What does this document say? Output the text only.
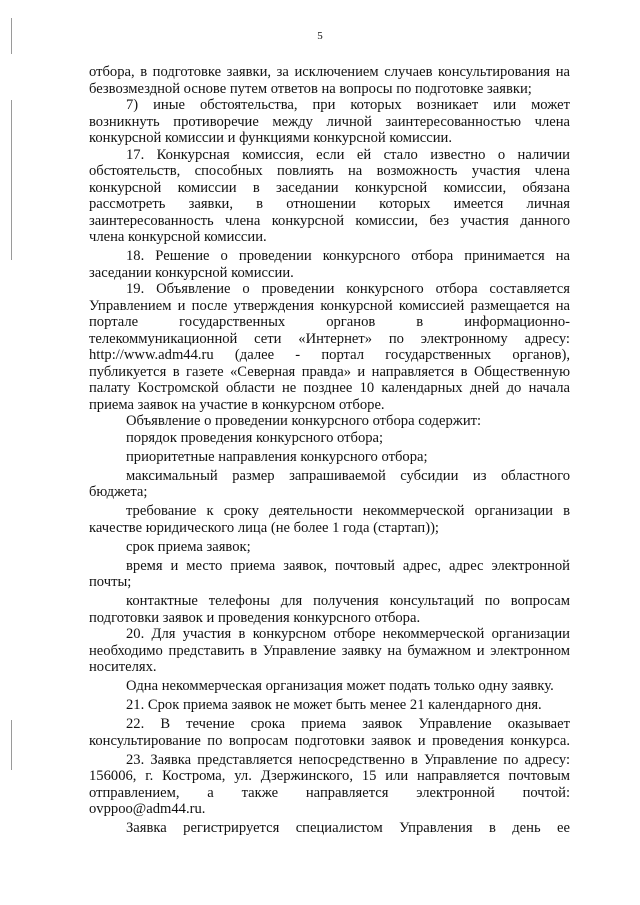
5
отбора, в подготовке заявки, за исключением случаев консультирования на
безвозмездной основе путем ответов на вопросы по подготовке заявки;
7) иные обстоятельства, при которых возникает или может
возникнуть противоречие между личной заинтересованностью члена
конкурсной комиссии и функциями конкурсной комиссии.
17. Конкурсная комиссия, если ей стало известно о наличии
обстоятельств, способных повлиять на возможность участия члена
конкурсной комиссии в заседании конкурсной комиссии, обязана
рассмотреть заявки, в отношении которых имеется личная
заинтересованность члена конкурсной комиссии, без участия данного
члена конкурсной комиссии.
18. Решение о проведении конкурсного отбора принимается на
заседании конкурсной комиссии.
19. Объявление о проведении конкурсного отбора составляется
Управлением и после утверждения конкурсной комиссией размещается на
портале государственных органов в информационно-
телекоммуникационной сети «Интернет» по электронному адресу:
http://www.adm44.ru (далее - портал государственных органов),
публикуется в газете «Северная правда» и направляется в Общественную
палату Костромской области не позднее 10 календарных дней до начала
приема заявок на участие в конкурсном отборе.
Объявление о проведении конкурсного отбора содержит:
порядок проведения конкурсного отбора;
приоритетные направления конкурсного отбора;
максимальный размер запрашиваемой субсидии из областного
бюджета;
требование к сроку деятельности некоммерческой организации в
качестве юридического лица (не более 1 года (стартап));
срок приема заявок;
время и место приема заявок, почтовый адрес, адрес электронной
почты;
контактные телефоны для получения консультаций по вопросам
подготовки заявок и проведения конкурсного отбора.
20. Для участия в конкурсном отборе некоммерческой организации
необходимо представить в Управление заявку на бумажном и электронном
носителях.
Одна некоммерческая организация может подать только одну заявку.
21. Срок приема заявок не может быть менее 21 календарного дня.
22. В течение срока приема заявок Управление оказывает
консультирование по вопросам подготовки заявок и проведения конкурса.
23. Заявка представляется непосредственно в Управление по адресу:
156006, г. Кострома, ул. Дзержинского, 15 или направляется почтовым
отправлением, а также направляется электронной почтой:
ovppoo@adm44.ru.
Заявка регистрируется специалистом Управления в день ее
